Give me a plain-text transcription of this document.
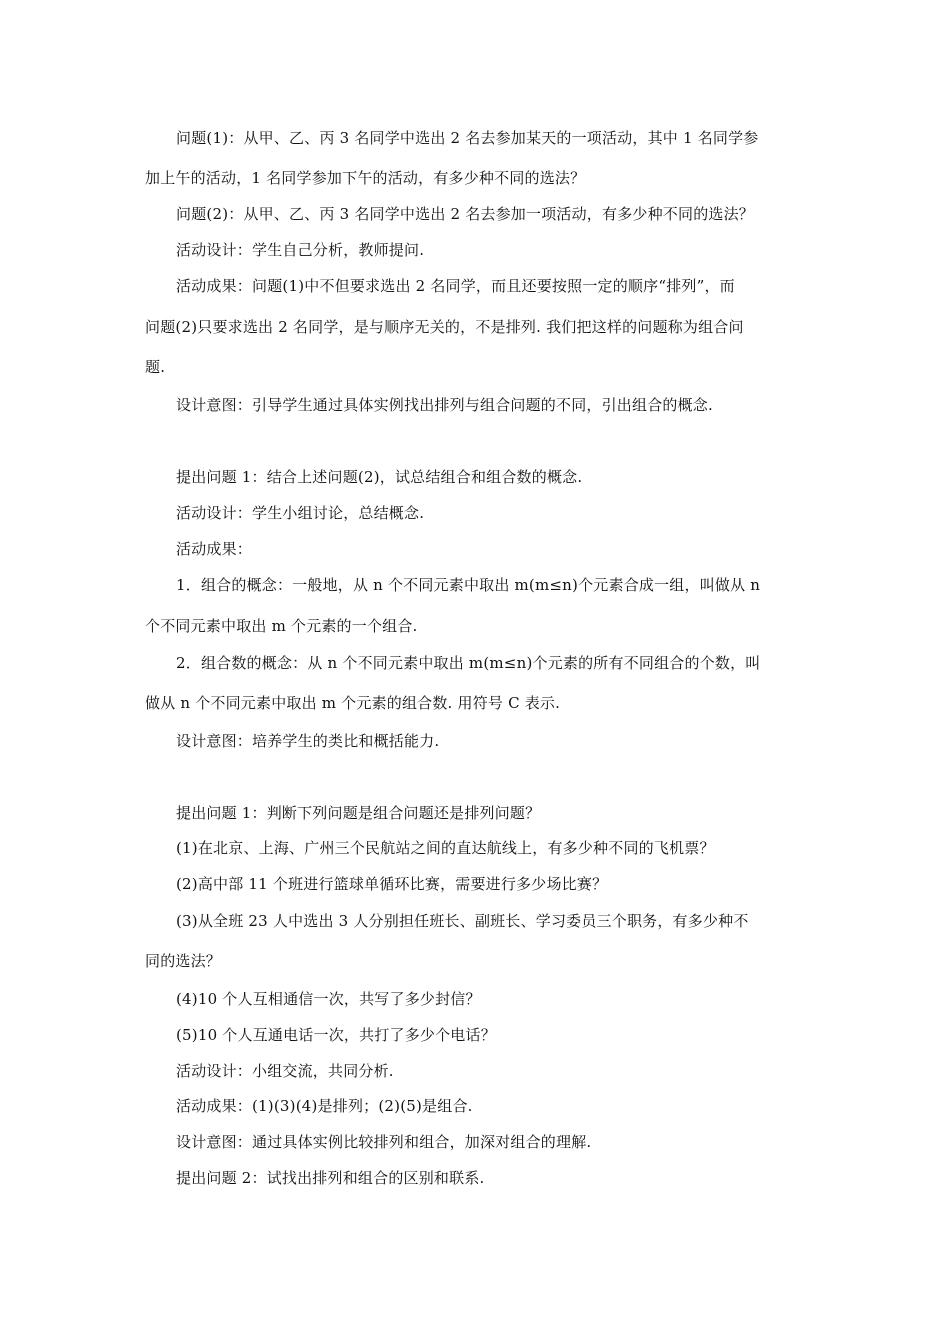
问题(1)：从甲、乙、丙 3 名同学中选出 2 名去参加某天的一项活动，其中 1 名同学参

加上午的活动，1 名同学参加下午的活动，有多少种不同的选法？

问题(2)：从甲、乙、丙 3 名同学中选出 2 名去参加一项活动，有多少种不同的选法？

活动设计：学生自己分析，教师提问.

活动成果：问题(1)中不但要求选出 2 名同学，而且还要按照一定的顺序“排列”，而

问题(2)只要求选出 2 名同学，是与顺序无关的，不是排列. 我们把这样的问题称为组合问

题.

设计意图：引导学生通过具体实例找出排列与组合问题的不同，引出组合的概念.

提出问题 1：结合上述问题(2)，试总结组合和组合数的概念.

活动设计：学生小组讨论，总结概念.

活动成果：

1．组合的概念：一般地，从 n 个不同元素中取出 m(m≤n)个元素合成一组，叫做从 n

个不同元素中取出 m 个元素的一个组合.

2．组合数的概念：从 n 个不同元素中取出 m(m≤n)个元素的所有不同组合的个数，叫

做从 n 个不同元素中取出 m 个元素的组合数. 用符号 C 表示.

设计意图：培养学生的类比和概括能力.

提出问题 1：判断下列问题是组合问题还是排列问题？

(1)在北京、上海、广州三个民航站之间的直达航线上，有多少种不同的飞机票？

(2)高中部 11 个班进行篮球单循环比赛，需要进行多少场比赛？

(3)从全班 23 人中选出 3 人分别担任班长、副班长、学习委员三个职务，有多少种不

同的选法？

(4)10 个人互相通信一次，共写了多少封信？

(5)10 个人互通电话一次，共打了多少个电话？

活动设计：小组交流，共同分析.

活动成果：(1)(3)(4)是排列；(2)(5)是组合.

设计意图：通过具体实例比较排列和组合，加深对组合的理解.

提出问题 2：试找出排列和组合的区别和联系.
